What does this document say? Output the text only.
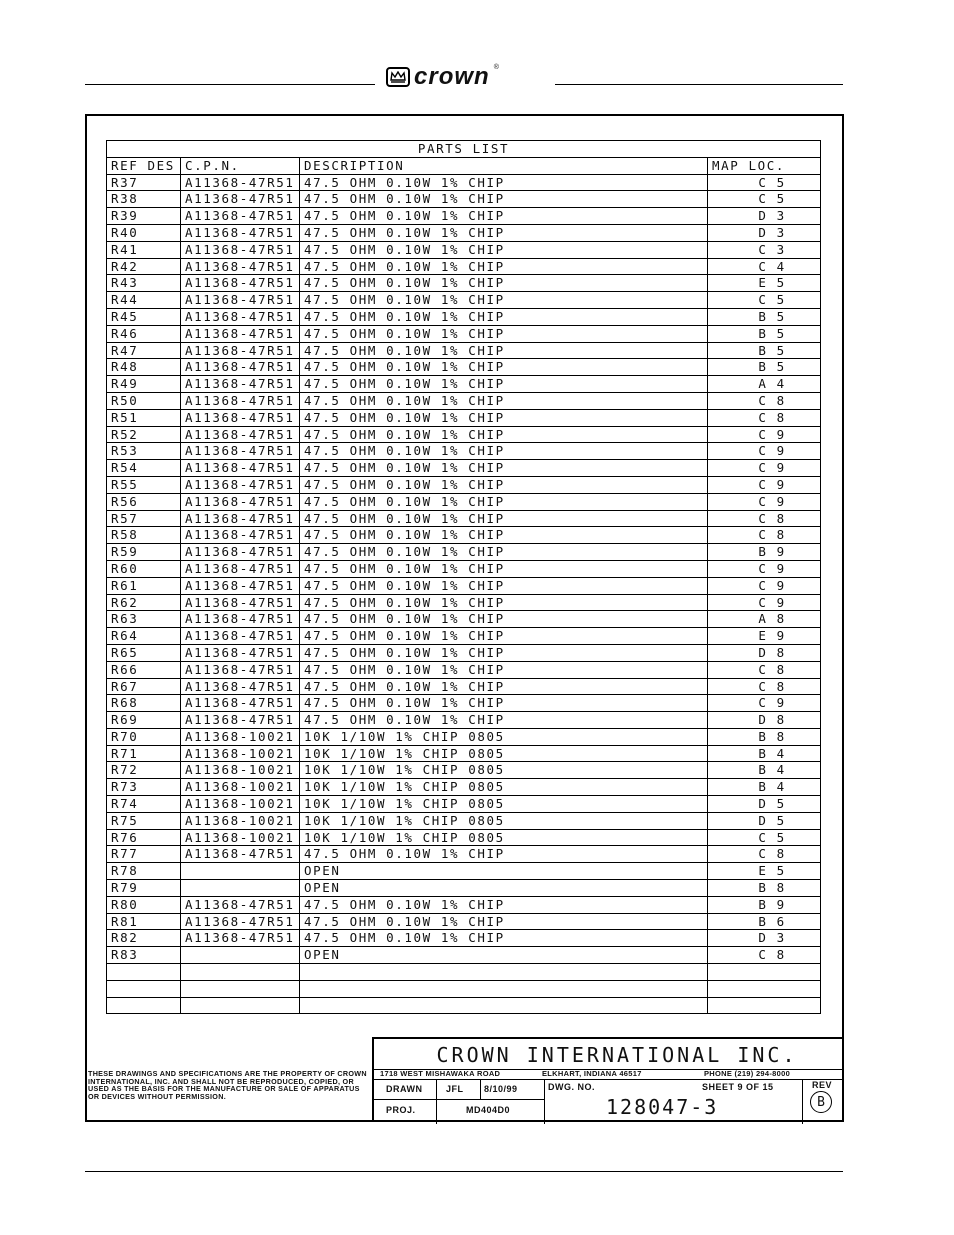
crown ®
PARTS LIST			
REF DES	C.P.N.	DESCRIPTION	MAP LOC.
R37	A11368-47R51	47.5 OHM 0.10W 1% CHIP	C 5
R38	A11368-47R51	47.5 OHM 0.10W 1% CHIP	C 5
R39	A11368-47R51	47.5 OHM 0.10W 1% CHIP	D 3
R40	A11368-47R51	47.5 OHM 0.10W 1% CHIP	D 3
R41	A11368-47R51	47.5 OHM 0.10W 1% CHIP	C 3
R42	A11368-47R51	47.5 OHM 0.10W 1% CHIP	C 4
R43	A11368-47R51	47.5 OHM 0.10W 1% CHIP	E 5
R44	A11368-47R51	47.5 OHM 0.10W 1% CHIP	C 5
R45	A11368-47R51	47.5 OHM 0.10W 1% CHIP	B 5
R46	A11368-47R51	47.5 OHM 0.10W 1% CHIP	B 5
R47	A11368-47R51	47.5 OHM 0.10W 1% CHIP	B 5
R48	A11368-47R51	47.5 OHM 0.10W 1% CHIP	B 5
R49	A11368-47R51	47.5 OHM 0.10W 1% CHIP	A 4
R50	A11368-47R51	47.5 OHM 0.10W 1% CHIP	C 8
R51	A11368-47R51	47.5 OHM 0.10W 1% CHIP	C 8
R52	A11368-47R51	47.5 OHM 0.10W 1% CHIP	C 9
R53	A11368-47R51	47.5 OHM 0.10W 1% CHIP	C 9
R54	A11368-47R51	47.5 OHM 0.10W 1% CHIP	C 9
R55	A11368-47R51	47.5 OHM 0.10W 1% CHIP	C 9
R56	A11368-47R51	47.5 OHM 0.10W 1% CHIP	C 9
R57	A11368-47R51	47.5 OHM 0.10W 1% CHIP	C 8
R58	A11368-47R51	47.5 OHM 0.10W 1% CHIP	C 8
R59	A11368-47R51	47.5 OHM 0.10W 1% CHIP	B 9
R60	A11368-47R51	47.5 OHM 0.10W 1% CHIP	C 9
R61	A11368-47R51	47.5 OHM 0.10W 1% CHIP	C 9
R62	A11368-47R51	47.5 OHM 0.10W 1% CHIP	C 9
R63	A11368-47R51	47.5 OHM 0.10W 1% CHIP	A 8
R64	A11368-47R51	47.5 OHM 0.10W 1% CHIP	E 9
R65	A11368-47R51	47.5 OHM 0.10W 1% CHIP	D 8
R66	A11368-47R51	47.5 OHM 0.10W 1% CHIP	C 8
R67	A11368-47R51	47.5 OHM 0.10W 1% CHIP	C 8
R68	A11368-47R51	47.5 OHM 0.10W 1% CHIP	C 9
R69	A11368-47R51	47.5 OHM 0.10W 1% CHIP	D 8
R70	A11368-10021	10K 1/10W 1% CHIP 0805	B 8
R71	A11368-10021	10K 1/10W 1% CHIP 0805	B 4
R72	A11368-10021	10K 1/10W 1% CHIP 0805	B 4
R73	A11368-10021	10K 1/10W 1% CHIP 0805	B 4
R74	A11368-10021	10K 1/10W 1% CHIP 0805	D 5
R75	A11368-10021	10K 1/10W 1% CHIP 0805	D 5
R76	A11368-10021	10K 1/10W 1% CHIP 0805	C 5
R77	A11368-47R51	47.5 OHM 0.10W 1% CHIP	C 8
R78		OPEN	E 5
R79		OPEN	B 8
R80	A11368-47R51	47.5 OHM 0.10W 1% CHIP	B 9
R81	A11368-47R51	47.5 OHM 0.10W 1% CHIP	B 6
R82	A11368-47R51	47.5 OHM 0.10W 1% CHIP	D 3
R83		OPEN	C 8

THESE DRAWINGS AND SPECIFICATIONS ARE THE PROPERTY OF CROWN INTERNATIONAL, INC. AND SHALL NOT BE REPRODUCED, COPIED, OR USED AS THE BASIS FOR THE MANUFACTURE OR SALE OF APPARATUS OR DEVICES WITHOUT PERMISSION.
CROWN INTERNATIONAL INC.
1718 WEST MISHAWAKA ROAD	ELKHART, INDIANA 46517	PHONE (219) 294-8000
DRAWN	JFL 8/10/99
PROJ.	MD404D0
DWG. NO.	SHEET 9 OF 15	REV
128047-3	B
